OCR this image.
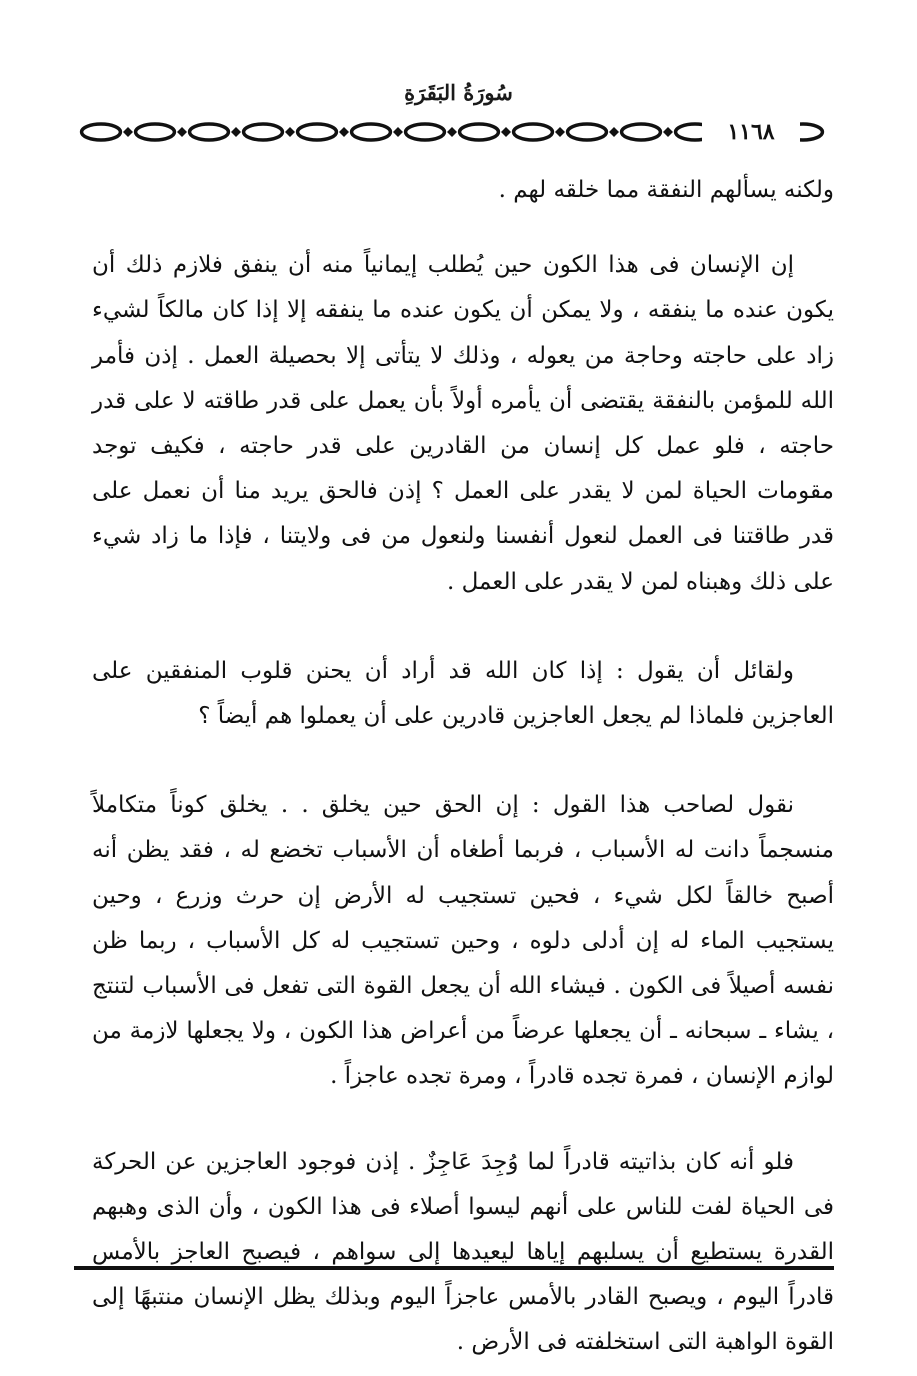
سُورَةُ البَقَرَةِ
١١٦٨

ولكنه يسألهم النفقة مما خلقه لهم .

إن الإنسان فى هذا الكون حين يُطلب إيمانياً منه أن ينفق فلازم ذلك أن يكون عنده ما ينفقه ، ولا يمكن أن يكون عنده ما ينفقه إلا إذا كان مالكاً لشيء زاد على حاجته وحاجة من يعوله ، وذلك لا يتأتى إلا بحصيلة العمل . إذن فأمر الله للمؤمن بالنفقة يقتضى أن يأمره أولاً بأن يعمل على قدر طاقته لا على قدر حاجته ، فلو عمل كل إنسان من القادرين على قدر حاجته ، فكيف توجد مقومات الحياة لمن لا يقدر على العمل ؟ إذن فالحق يريد منا أن نعمل على قدر طاقتنا فى العمل لنعول أنفسنا ولنعول من فى ولايتنا ، فإذا ما زاد شيء على ذلك وهبناه لمن لا يقدر على العمل .

ولقائل أن يقول : إذا كان الله قد أراد أن يحنن قلوب المنفقين على العاجزين فلماذا لم يجعل العاجزين قادرين على أن يعملوا هم أيضاً ؟

نقول لصاحب هذا القول : إن الحق حين يخلق . . يخلق كوناً متكاملاً منسجماً دانت له الأسباب ، فربما أطغاه أن الأسباب تخضع له ، فقد يظن أنه أصبح خالقاً لكل شيء ، فحين تستجيب له الأرض إن حرث وزرع ، وحين يستجيب الماء له إن أدلى دلوه ، وحين تستجيب له كل الأسباب ، ربما ظن نفسه أصيلاً فى الكون . فيشاء الله أن يجعل القوة التى تفعل فى الأسباب لتنتج ، يشاء ـ سبحانه ـ أن يجعلها عرضاً من أعراض هذا الكون ، ولا يجعلها لازمة من لوازم الإنسان ، فمرة تجده قادراً ، ومرة تجده عاجزاً .

فلو أنه كان بذاتيته قادراً لما وُجِدَ عَاجِزٌ . إذن فوجود العاجزين عن الحركة فى الحياة لفت للناس على أنهم ليسوا أصلاء فى هذا الكون ، وأن الذى وهبهم القدرة يستطيع أن يسلبهم إياها ليعيدها إلى سواهم ، فيصبح العاجز بالأمس قادراً اليوم ، ويصبح القادر بالأمس عاجزاً اليوم وبذلك يظل الإنسان منتبهًا إلى القوة الواهبة التى استخلفته فى الأرض .
